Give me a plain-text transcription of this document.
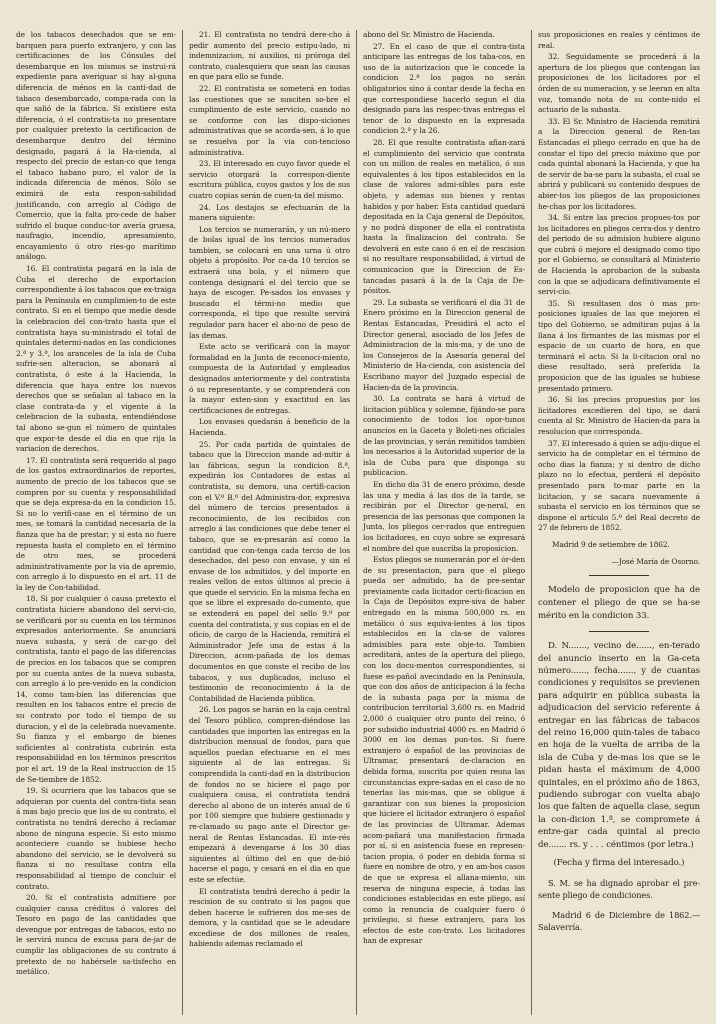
de los tabacos desechados que se em-barquen para puerto extranjero, y con las certificaciones de los Cónsules del desembarque en los mismos se instrui-rá expediente para averiguar si hay al-guna diferencia de ménos en la canti-dad de tabaco desembarcado, compa-rada con la que salió de la fábrica. Si existiere esta diferencia, ó el contratis-ta no presentare por cualquier pretexto la certificacion de desembarque dentro del término designado, pagará á la Ha-cienda, al respecto del precio de estan-co que tenga el tabaco habano puro, el valor de la indicada diferencia de ménos. Sólo se eximirá de esta respon-sabilidad justificando, con arreglo al Código de Comercio, que la falta pro-cede de haber sufrido el buque conduc-tor avería gruesa, naufragio, incendio, apresamiento, encayamiento ú otro ries-go marítimo análogo.

16. El contratista pagará en la isla de Cuba el derecho de exportacion correspondiente á los tabacos que ex-traiga para la Península en cumplimien-to de este contrato. Si en el tiempo que medie desde la celebracion del con-trato hasta que el contratista haya su-ministrado el total de quintales determi-nados en las condiciones 2.ª y 3.ª, los aranceles de la isla de Cuba sufrie-sen alteracion, se abonará al contratista, ó este á la Hacienda, la diferencia que haya entre los nuevos derechos que se señalan al tabaco en la clase contrata-da y el vigente á la celebracion de la subasta, entendiéndose tal abono se-gun el número de quintales que expor-te desde el dia en que rija la variacion de derechos.

17. El contratista será requerido al pago de los gastos extraordinarios de reportes, aumento de precio de los tabacos que se compren por su cuenta y responsabilidad que se deja expresa-da en la condicion 15. Si no lo verifi-case en el término de un mes, se tomará la cantidad necesaria de la fianza que ha de prestar; y si esta no fuere repuesta hasta el completo en el término de otro mes, se procederá administrativamente por la via de apremio, con arreglo á lo dispuesto en el art. 11 de la ley de Con-tabilidad.

18. Si por cualquier ó causa pretexto el contratista hiciere abandono del servi-cio, se verificará por su cuenta en los términos expresados anteriormente. Se anunciará nueva subasta, y será de car-go del contratista, tanto el pago de las diferencias de precios en los tabacos que se compren por su cuenta antes de la nueva subasta, con arreglo á lo pre-venido en la condicion 14, como tam-bien las diferencias que resulten en los tabacos entre el precio de su contrato por todo el tiempo de su duracion, y el de la celebrada nuevamente. Su fianza y el embargo de bienes suficientes al contratista cubrirán esta responsabilidad en los términos prescritos por el art. 19 de la Real instruccion de 15 de Se-tiembre de 1852.

19. Si ocurriera que los tabacos que se adquieran por cuenta del contra-tista sean á mas bajo precio que los de su contrato, el contratista no tendrá derecho á reclamar abono de ninguna especie. Si esto mismo aconteciere cuando se hubiese hecho abandono del servicio, se le devolverá su fianza si no resultase contra ella responsabilidad al tiempo de concluir el contrato.

20. Si el contratista admitiere por cualquier causa créditos ó valores del Tesoro en pago de las cantidades que devengue por entregas de tabacos, esto no le servirá nunca de excusa para de-jar de cumplir las obligaciones de su contrato á pretexto de no habérsele sa-tisfecho en metálico.

21. El contratista no tendrá dere-cho á pedir aumento del precio estipu-lado, ni indemnizacion, ni auxilios, ni próroga del contrato, cualesquiera que sean las causas en que para ello se funde.

22. El contratista se someterá en todas las cuestiones que se susciten so-bre el cumplimiento de este servicio, cuando no se conforme con las dispo-siciones administrativas que se acorda-sen, á lo que se resuelva por la via con-tencioso administrativa.

23. El interesado en cuyo favor quede el servicio otorgará la correspon-diente escritura pública, cuyos gastos y los de sus cuatro copias serán de cuen-ta del mismo.

24. Los destajos se efectuarán de la manera siguiente:

Los tercios se numerarán, y un nú-mero de bolas igual de los tercios numerados tambien, se colocará en una urna ú otro objeto á propósito. Por ca-da 10 tercios se extraerá una bola, y el número que contenga designará el del tercio que se haya de escoger. Pe-sados los envases y buscado el térmi-no medio que corresponda, el tipo que resulte servirá regulador para hacer el abo-no de peso de las demas.

Este acto se verificará con la mayor formalidad en la Junta de reconoci-miento, compuesta de la Autoridad y empleados designados anteriormente y del contratista ó su representante, y se comprenderá con la mayor exten-sion y exactitud en las certificaciones de entregas.

Los envases quedarán á beneficio de la Hacienda.

25. Por cada partida de quintales de tabaco que la Direccion mande ad-mitir á las fábricas, segun la condicion 8.ª, expedirán los Contadores de estas al contratista, su demora, una certifi-cacion con el V.º B.º del Administra-dor, expresiva del número de tercios presentados á reconocimiento, de los recibidos con arreglo á las condiciones que debe tener el tabaco, que se ex-presarán así como la cantidad que con-tenga cada tercio de los desechados, del peso con envase, y sin el envase de los admitidos, y del importe en reales vellon de estos últimos al precio á que quede el servicio. En la misma fecha en que se libre el expresado do-cumento, que se extenderá en papel del sello 9.º por cuenta del contratista, y sus copias en el de oficio, de cargo de la Hacienda, remitirá el Administrador Jefe una de estas á la Direccion, acom-pañada de los demas documentos en que conste el recibo de los tabacos, y sus duplicados, incluso el testimonio de reconocimiento á la de Contabilidad de Hacienda pública.

26. Los pagos se harán en la caja central del Tesoro público, compren-diéndose las cantidades que importen las entregas en la distribucion mensual de fondos, para que aquellos puedan efectuarse en el mes siguiente al de las entregas. Si comprendida la canti-dad en la distribucion de fondos no se hiciere el pago por cualquiera causa, el contratista tendrá derecho al abono de un interés anual de 6 por 100 siempre que hubiere gestionado y re-clamado su pago ante el Director ge-neral de Rentas Estancadas. El inte-rés empezará á devengarse á los 30 dias siguientes al último del en que de-bió hacerse el pago, y cesará en el dia en que este se efectúe.

El contratista tendrá derecho á pedir la rescision de su contrato si los pagos que deben hacerse le sufrieren dos me-ses de demora, y la cantidad que se le adeudare excediese de dos millones de reales, habiendo ademas reclamado el

abono del Sr. Ministro de Hacienda.

27. En el caso de que el contra-tista anticipare las entregas de los taba-cos, en uso de la autorizacion que le concede la condicion 2.ª los pagos no serán obligatorios sino á contar desde la fecha en que correspondiese hacerlo segun el dia designado para las respec-tivas entregas el tenor de lo dispuesto en la expresada condicion 2.ª y la 26.

28. El que resulte contratista afian-zará el cumplimiento del servicio que contrata con un millon de reales en metálico, ó sus equivalentes á los tipos establecidos en la clase de valores admi-sibles para este objeto, y ademas sus bienes y rentas habidos y por haber. Esta cantidad quedará depositada en la Caja general de Depósitos, y no podrá disponer de ella el contratista hasta la finalizacion del contrato. Se devolverá en este caso ó en el de rescision si no resultare responsabilidad, á virtud de comunicacion que la Direccion de Es-tancadas pasará á la de la Caja de De-pósitos.

29. La subasta se verificará el dia 31 de Enero próximo en la Direccion general de Rentas Estancadas, Presidirá el acto el Director general, asociado de los Jefes de Administracion de la mis-ma, y de uno de los Consejeros de la Asesoría general del Ministerio de Ha-cienda, con asistencia del Escribano mayor del Juzgado especial de Hacien-da de la provincia.

30. La contrata se hará á virtud de licitacion pública y solemne, fijándo-se para conocimiento de todos los opor-tunos anuncios en la Gaceta y Boleti-nes oficiales de las provincias, y serán remitidos tambien los necesarios á la Autoridad superior de la isla de Cuba para que disponga su publicacion.

En dicho dia 31 de enero próximo, desde las una y media á las dos de la tarde, se recibirán por el Director ge-neral, en presencia de las personas que componen la Junta, los pliegos cer-rados que entreguen los licitadores, en cuyo sobre se expresará el nombre del que suscriba la proposicion.

Estos pliegos se numerarán por el ór-den de su presentacion, para que el pliego pueda ser admitido, ha de pre-sentar previamente cada licitador certi-ficacion en la Caja de Depósitos expre-siva de haber entregado en la misma 500,000 rs. en metálico ó sus equiva-lentes á los tipos establecidos en la cla-se de valores admisibles para este obje-to. Tambien acreditará, antes de la apertura del pliego, con los docu-mentos correspondientes, si fuese es-pañol avecindado en la Península, que con dos años de anticipacion á la fecha de la subasta paga por la misma de contribucion territorial 3,600 rs. en Madrid 2,000 ó cualquier otro punto del reino, ó por subsidio industrial 4000 rs. en Madrid ó 3000 en los demas pun-tos. Si fuere extranjero ó español de las provincias de Ultramar, presentará de-claracion en debida forma, suscrita por quien reuna las circunstancias expre-sadas en el caso de no tenerlas las mis-mas, que se obligue á garantizar con sus bienes la proposicion que hiciere el licitador extranjero ó español de las provincias de Ultramar. Ademas acom-pañará una manifestacion firmada por sí, si en asistencia fuese en represen-tacion propia, ó poder en debida forma si fuere en nombre de otro, y en am-bos casos de que se expresa el allana-miento, sin reserva de ninguna especie, á todas las condiciones establecidas en este pliego, así como la renuncia de cualquier fuero ó privilegio, si fuese extranjero, para los efectos de este con-trato. Los licitadores han de expresar

sus proposiciones en reales y céntimos de real.

32. Seguidamente se procederá á la apertura de los pliegos que contengan las proposiciones de los licitadores por el órden de su numeracion, y se leeran en alta voz, tomando nota de su conte-nido el actuario de la subasta.

33. El Sr. Ministro de Hacienda remitirá a la Direccion general de Ren-tas Estancadas el pliego cerrado en que ha de constar el tipo del precio máximo que por cada quintal abonará la Hacienda, y que ha de servir de ba-se para la subasta, el cual se abrirá y publicará su contenido despues de abier-tos los pliegos de las proposiciones he-chas por los licitadores.

34. Si entre las precios propues-tos por los licitadores en pliegos cerra-dos y dentro del periodo de su admision hubiere alguno que cubrá ó mejore el designado como tipo por el Gobierno, se consultará al Ministerio de Hacienda la aprobacion de la subasta con la que se adjudicara definitivamente el servi-cio.

35. Si resultasen dos ó mas pro-posiciones iguales de las que mejoren el tipo del Gobierno, se admitiran pujas á la llana á los firmantes de las mismas por el espacio de un cuarto de hora, en que terminará el acto. Si la li-citacion oral no diese resultado, será preferida la proposicion que de las iguales se hubiese presentado primero.

36. Si los precios propuestos por los licitadores excedieren del tipo, se dará cuenta al Sr. Ministro de Hacien-da para la resolucion que corresponda.

37. El interesado á quien se adju-dique el servicio ha de completar en el término de ocho dias la fianza; y si dentro de dicho plazo no lo efectua, perderá el depósito presentado para to-mar parte en la licitacion, y se sacara nuevamente á subasta el servicio en los términos que se dispone el artículo 5.º del Real decreto de 27 de febrero de 1852.

Madrid 9 de setiembre de 1862.

—José María de Osorno.

Modelo de proposicion que ha de contener el pliego de que se ha-se mérito en la condicion 33.

D. N......., vecino de......, en-terado del anuncio inserto en la Ga-ceta número......, fecha......, y de cuantas condiciones y requisitos se previenen para adquirir en pública subasta la adjudicacion del servicio referente á entregar en las fábricas de tabacos del reino 16,000 quin-tales de tabaco en hoja de la vuelta de arriba de la isla de Cuba y de-mas los que se le pidan hasta el máximum de 4,000 quintales, en el próximo año de 1863, pudiendo subrogar con vuelta abajo los que falten de aquella clase, segun la con-dicion 1.ª, se compromete á entre-gar cada quintal al precio de....... rs. y . . . céntimos (por letra.)

(Fecha y firma del interesado.)

S. M. se ha dignado aprobar el pre-sente pliego de condiciones.

Madrid 6 de Diciembre de 1862.— Salaverría.
